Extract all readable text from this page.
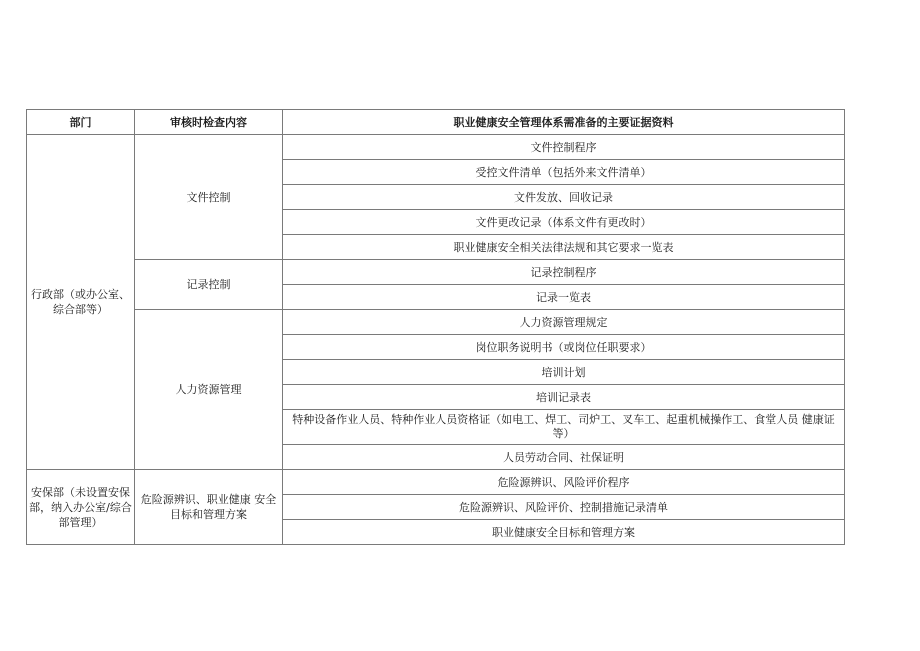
部门	审核时检查内容	职业健康安全管理体系需准备的主要证据资料
行政部（或办公室、综合部等）	文件控制	文件控制程序
		受控文件清单（包括外来文件清单）
		文件发放、回收记录
		文件更改记录（体系文件有更改时）
		职业健康安全相关法律法规和其它要求一览表
	记录控制	记录控制程序
		记录一览表
	人力资源管理	人力资源管理规定
		岗位职务说明书（或岗位任职要求）
		培训计划
		培训记录表
		特种设备作业人员、特种作业人员资格证（如电工、焊工、司炉工、叉车工、起重机械操作工、食堂人员 健康证等）
		人员劳动合同、社保证明
安保部（未设置安保部，纳入办公室/综合部管理）	危险源辨识、职业健康 安全目标和管理方案	危险源辨识、风险评价程序
		危险源辨识、风险评价、控制措施记录清单
		职业健康安全目标和管理方案
